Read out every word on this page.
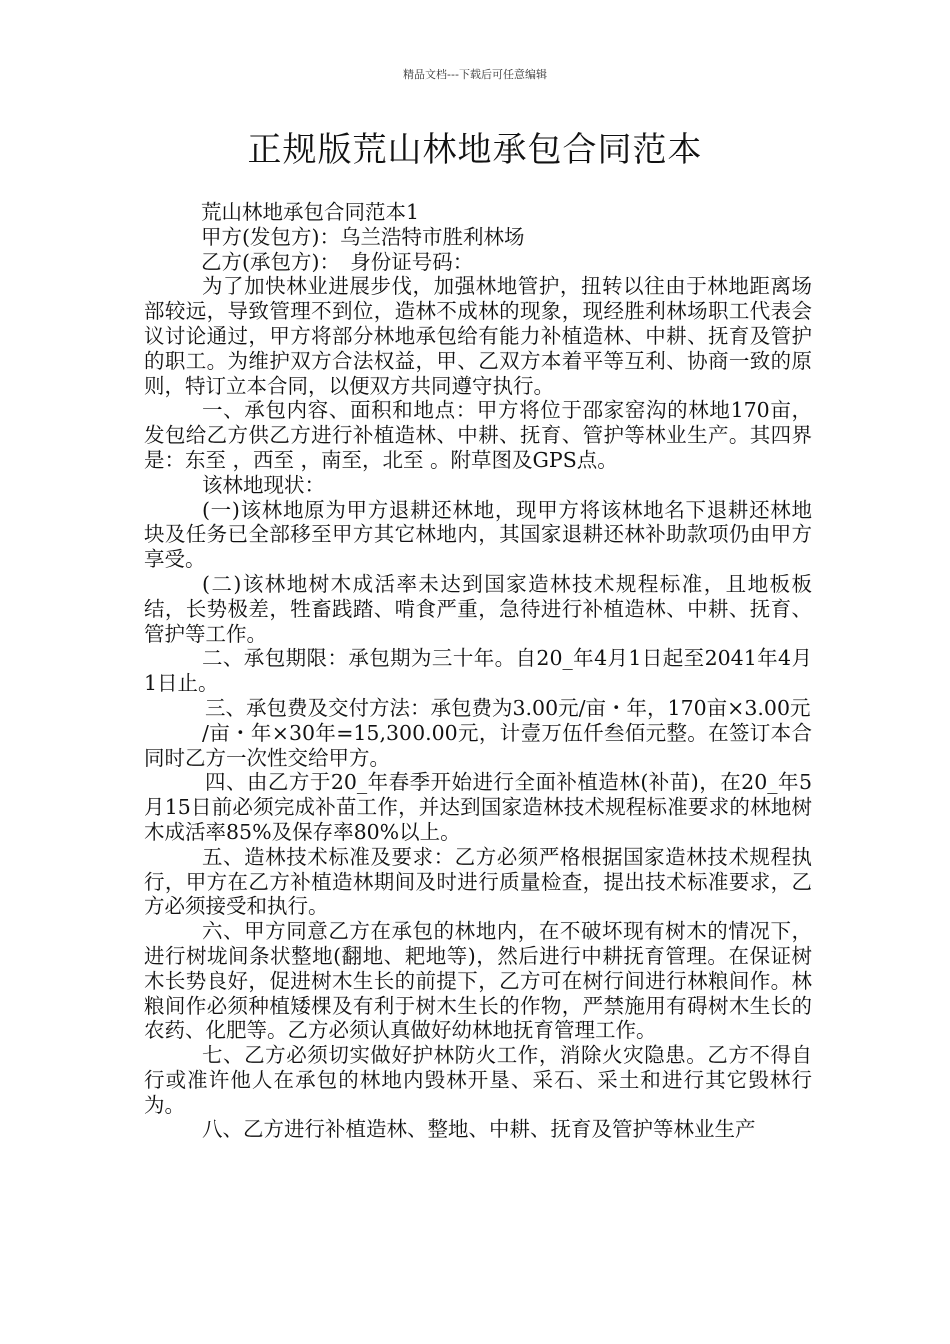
精品文档---下载后可任意编辑
正规版荒山林地承包合同范本

荒山林地承包合同范本1

甲方(发包方)：乌兰浩特市胜利林场

乙方(承包方)：　身份证号码：

为了加快林业进展步伐，加强林地管护，扭转以往由于林地距离场部较远，导致管理不到位，造林不成林的现象，现经胜利林场职工代表会议讨论通过，甲方将部分林地承包给有能力补植造林、中耕、抚育及管护的职工。为维护双方合法权益，甲、乙双方本着平等互利、协商一致的原则，特订立本合同，以便双方共同遵守执行。

一、承包内容、面积和地点：甲方将位于邵家窑沟的林地170亩，发包给乙方供乙方进行补植造林、中耕、抚育、管护等林业生产。其四界是：东至 ，西至 ，南至，北至 。附草图及GPS点。

该林地现状：

(一)该林地原为甲方退耕还林地，现甲方将该林地名下退耕还林地块及任务已全部移至甲方其它林地内，其国家退耕还林补助款项仍由甲方享受。

(二)该林地树木成活率未达到国家造林技术规程标准，且地板板结，长势极差，牲畜践踏、啃食严重，急待进行补植造林、中耕、抚育、管护等工作。

二、承包期限：承包期为三十年。自20_年4月1日起至2041年4月1日止。

三、承包费及交付方法：承包费为3.00元/亩・年，170亩×3.00元

/亩・年×30年=15,300.00元，计壹万伍仟叁佰元整。在签订本合同时乙方一次性交给甲方。

四、由乙方于20_年春季开始进行全面补植造林(补苗)，在20_年5月15日前必须完成补苗工作，并达到国家造林技术规程标准要求的林地树木成活率85%及保存率80%以上。

五、造林技术标准及要求：乙方必须严格根据国家造林技术规程执行，甲方在乙方补植造林期间及时进行质量检查，提出技术标准要求，乙方必须接受和执行。

六、甲方同意乙方在承包的林地内，在不破坏现有树木的情况下，进行树垅间条状整地(翻地、耙地等)，然后进行中耕抚育管理。在保证树木长势良好，促进树木生长的前提下，乙方可在树行间进行林粮间作。林粮间作必须种植矮棵及有利于树木生长的作物，严禁施用有碍树木生长的农药、化肥等。乙方必须认真做好幼林地抚育管理工作。

七、乙方必须切实做好护林防火工作，消除火灾隐患。乙方不得自行或准许他人在承包的林地内毁林开垦、采石、采土和进行其它毁林行为。

八、乙方进行补植造林、整地、中耕、抚育及管护等林业生产
